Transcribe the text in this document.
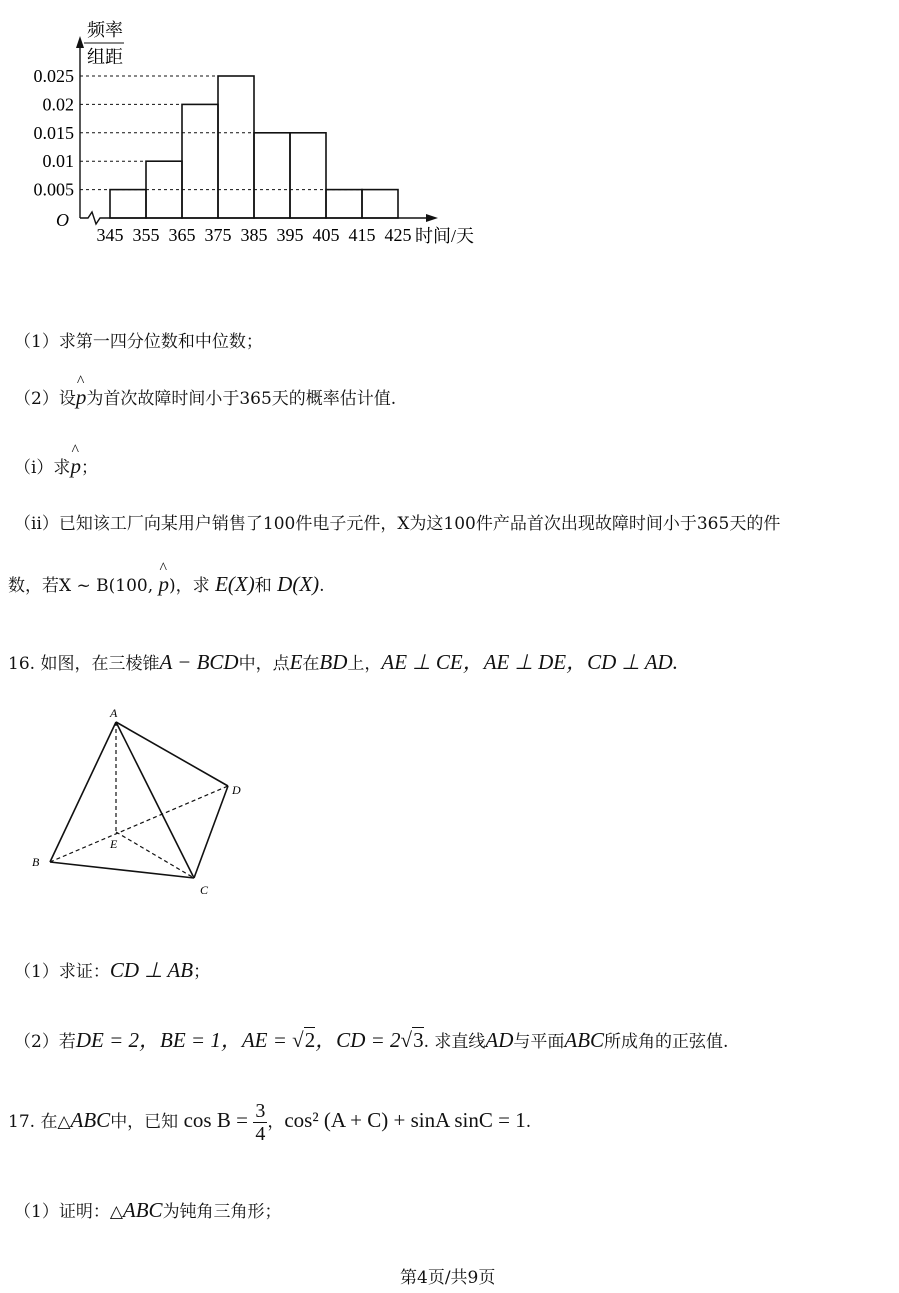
频率
组距
时间/天
O
0.005
0.01
0.015
0.02
0.025
345 355 365 375 385 395 405 415 425
（1）求第一四分位数和中位数；
（2）设^ p为首次故障时间小于365天的概率估计值.
（ⅰ）求^ p；
（ⅱ）已知该工厂向某用户销售了100件电子元件，X为这100件产品首次出现故障时间小于365天的件
数，若X ~ B(100, ^ p)，求 E(X)和 D(X).
16. 如图，在三棱锥A − BCD中，点E在BD上，AE ⊥ CE，AE ⊥ DE，CD ⊥ AD.
A
B
C
D
E
（1）求证：CD ⊥ AB；
（2）若DE = 2，BE = 1，AE = √2，CD = 2√3. 求直线AD与平面ABC所成角的正弦值.
17. 在△ABC中，已知 $\cos B = \frac{3}{4}$ ，cos² (A + C) + sinA sinC = 1.
（1）证明：△ABC为钝角三角形；
第4页/共9页
